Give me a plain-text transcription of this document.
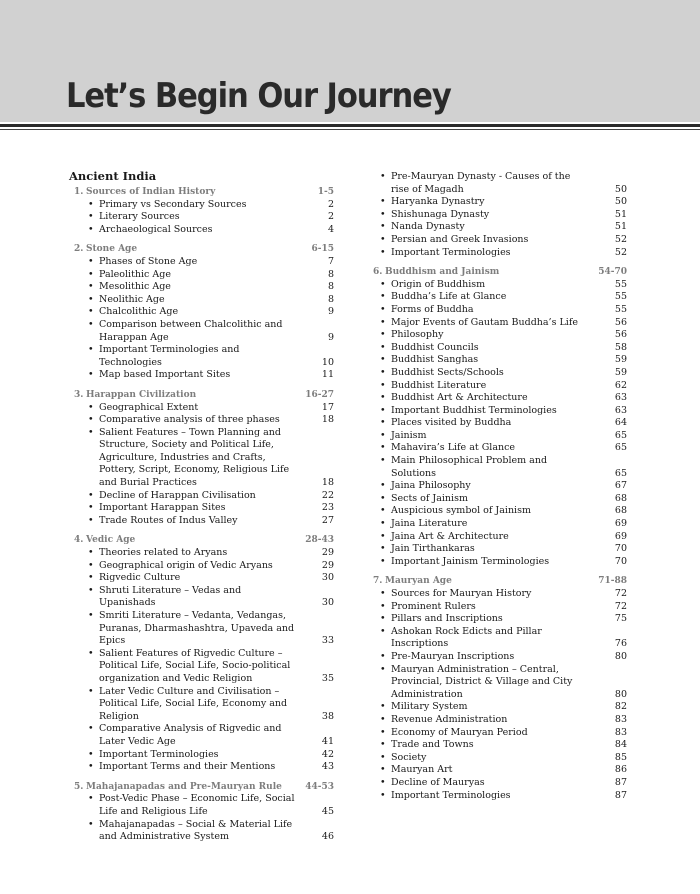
Let’s Begin Our Journey
Ancient India
1. Sources of Indian History	1-5
• Primary vs Secondary Sources	2
• Literary Sources	2
• Archaeological Sources	4
2. Stone Age	6-15
• Phases of Stone Age	7
• Paleolithic Age	8
• Mesolithic Age	8
• Neolithic Age	8
• Chalcolithic Age	9
• Comparison between Chalcolithic and Harappan Age	9
• Important Terminologies and Technologies	10
• Map based Important Sites	11
3. Harappan Civilization	16-27
• Geographical Extent	17
• Comparative analysis of three phases	18
• Salient Features – Town Planning and Structure, Society and Political Life, Agriculture, Industries and Crafts, Pottery, Script, Economy, Religious Life and Burial Practices	18
• Decline of Harappan Civilisation	22
• Important Harappan Sites	23
• Trade Routes of Indus Valley	27
4. Vedic Age	28-43
• Theories related to Aryans	29
• Geographical origin of Vedic Aryans	29
• Rigvedic Culture	30
• Shruti Literature – Vedas and Upanishads	30
• Smriti Literature – Vedanta, Vedangas, Puranas, Dharmashashtra, Upaveda and Epics	33
• Salient Features of Rigvedic Culture – Political Life, Social Life, Socio-political organization and Vedic Religion	35
• Later Vedic Culture and Civilisation – Political Life, Social Life, Economy and Religion	38
• Comparative Analysis of Rigvedic and Later Vedic Age	41
• Important Terminologies	42
• Important Terms and their Mentions	43
5. Mahajanapadas and Pre-Mauryan Rule	44-53
• Post-Vedic Phase – Economic Life, Social Life and Religious Life	45
• Mahajanapadas – Social & Material Life and Administrative System	46
• Pre-Mauryan Dynasty - Causes of the rise of Magadh	50
• Haryanka Dynastry	50
• Shishunaga Dynasty	51
• Nanda Dynasty	51
• Persian and Greek Invasions	52
• Important Terminologies	52
6. Buddhism and Jainism	54-70
• Origin of Buddhism	55
• Buddha’s Life at Glance	55
• Forms of Buddha	55
• Major Events of Gautam Buddha’s Life	56
• Philosophy	56
• Buddhist Councils	58
• Buddhist Sanghas	59
• Buddhist Sects/Schools	59
• Buddhist Literature	62
• Buddhist Art & Architecture	63
• Important Buddhist Terminologies	63
• Places visited by Buddha	64
• Jainism	65
• Mahavira’s Life at Glance	65
• Main Philosophical Problem and Solutions	65
• Jaina Philosophy	67
• Sects of Jainism	68
• Auspicious symbol of Jainism	68
• Jaina Literature	69
• Jaina Art & Architecture	69
• Jain Tirthankaras	70
• Important Jainism Terminologies	70
7. Mauryan Age	71-88
• Sources for Mauryan History	72
• Prominent Rulers	72
• Pillars and Inscriptions	75
• Ashokan Rock Edicts and Pillar Inscriptions	76
• Pre-Mauryan Inscriptions	80
• Mauryan Administration – Central, Provincial, District & Village and City Administration	80
• Military System	82
• Revenue Administration	83
• Economy of Mauryan Period	83
• Trade and Towns	84
• Society	85
• Mauryan Art	86
• Decline of Mauryas	87
• Important Terminologies	87
